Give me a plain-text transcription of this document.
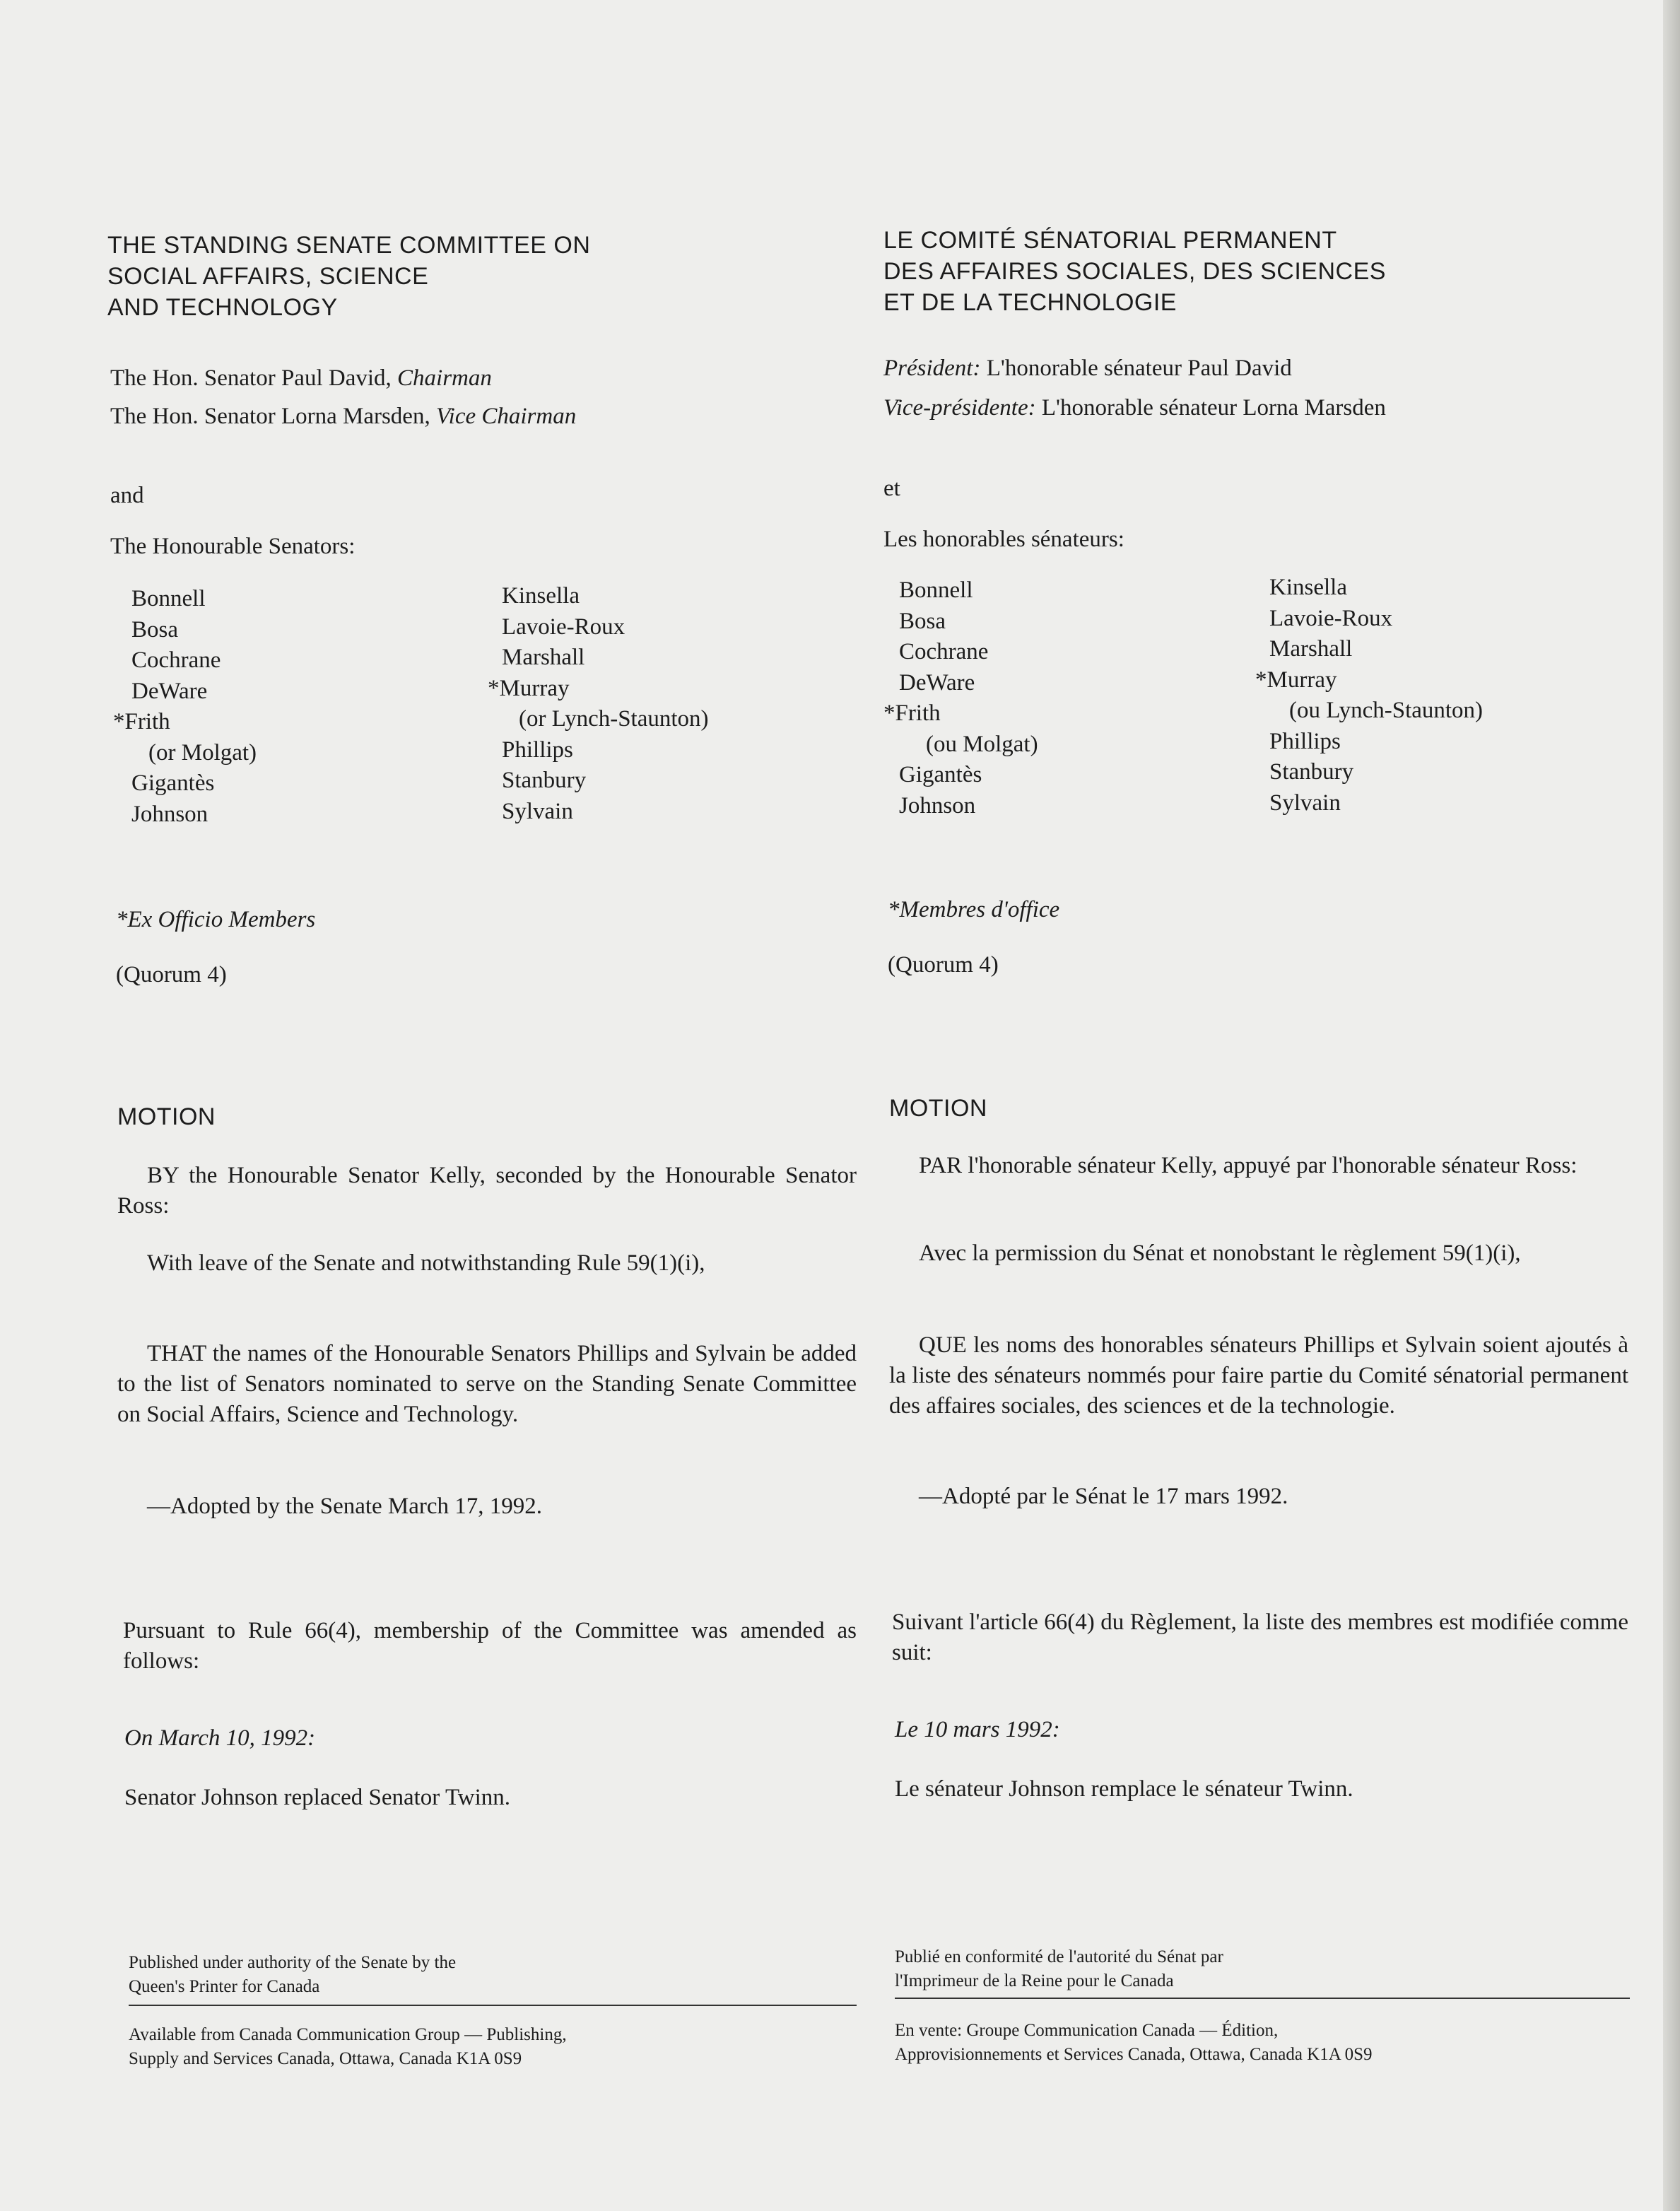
THE STANDING SENATE COMMITTEE ON
SOCIAL AFFAIRS, SCIENCE
AND TECHNOLOGY
The Hon. Senator Paul David, Chairman
The Hon. Senator Lorna Marsden, Vice Chairman
and
The Honourable Senators:
Bonnell
Bosa
Cochrane
DeWare
*Frith
(or Molgat)
Gigantès
Johnson
Kinsella
Lavoie-Roux
Marshall
*Murray
(or Lynch-Staunton)
Phillips
Stanbury
Sylvain
*Ex Officio Members
(Quorum 4)
MOTION
BY the Honourable Senator Kelly, seconded by the Honourable Senator Ross:
With leave of the Senate and notwithstanding Rule 59(1)(i),
THAT the names of the Honourable Senators Phillips and Sylvain be added to the list of Senators nominated to serve on the Standing Senate Committee on Social Affairs, Science and Technology.
—Adopted by the Senate March 17, 1992.
Pursuant to Rule 66(4), membership of the Committee was amended as follows:
On March 10, 1992:
Senator Johnson replaced Senator Twinn.
Published under authority of the Senate by the
Queen's Printer for Canada
Available from Canada Communication Group — Publishing,
Supply and Services Canada, Ottawa, Canada K1A 0S9
LE COMITÉ SÉNATORIAL PERMANENT
DES AFFAIRES SOCIALES, DES SCIENCES
ET DE LA TECHNOLOGIE
Président: L'honorable sénateur Paul David
Vice-présidente: L'honorable sénateur Lorna Marsden
et
Les honorables sénateurs:
Bonnell
Bosa
Cochrane
DeWare
*Frith
(ou Molgat)
Gigantès
Johnson
Kinsella
Lavoie-Roux
Marshall
*Murray
(ou Lynch-Staunton)
Phillips
Stanbury
Sylvain
*Membres d'office
(Quorum 4)
MOTION
PAR l'honorable sénateur Kelly, appuyé par l'honorable sénateur Ross:
Avec la permission du Sénat et nonobstant le règlement 59(1)(i),
QUE les noms des honorables sénateurs Phillips et Sylvain soient ajoutés à la liste des sénateurs nommés pour faire partie du Comité sénatorial permanent des affaires sociales, des sciences et de la technologie.
—Adopté par le Sénat le 17 mars 1992.
Suivant l'article 66(4) du Règlement, la liste des membres est modifiée comme suit:
Le 10 mars 1992:
Le sénateur Johnson remplace le sénateur Twinn.
Publié en conformité de l'autorité du Sénat par
l'Imprimeur de la Reine pour le Canada
En vente: Groupe Communication Canada — Édition,
Approvisionnements et Services Canada, Ottawa, Canada K1A 0S9
